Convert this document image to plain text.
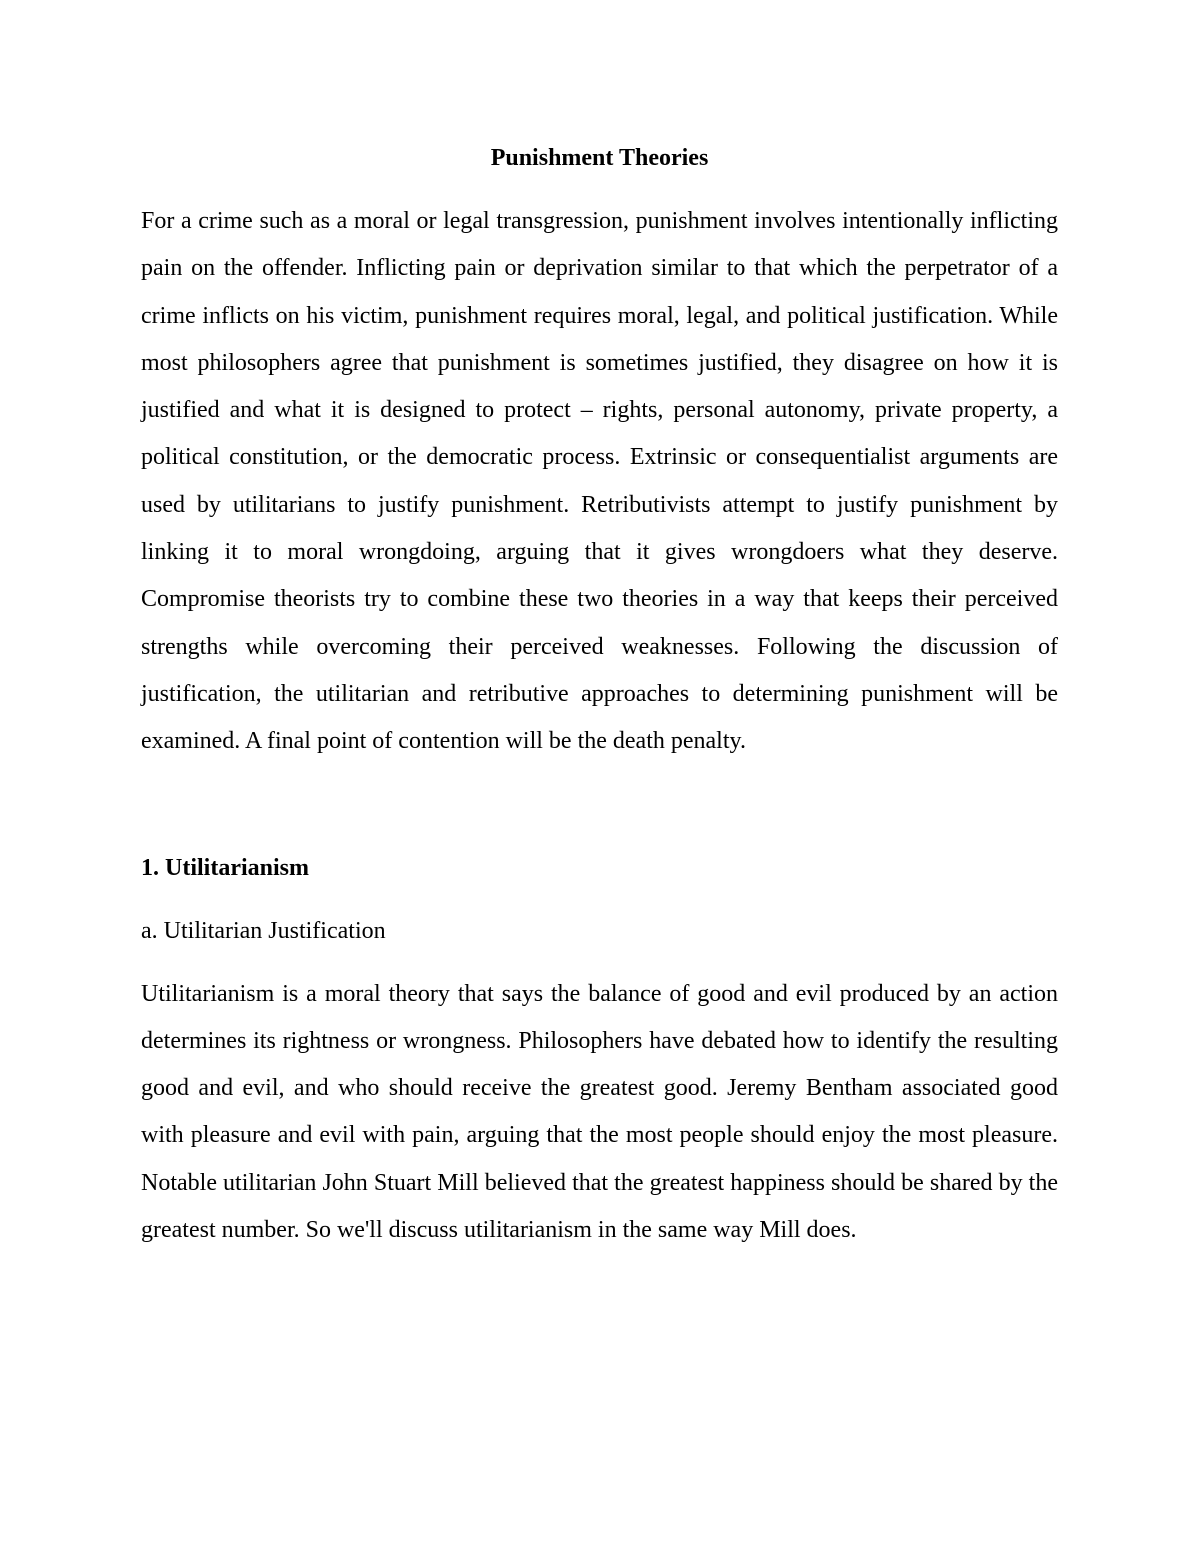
Punishment Theories

For a crime such as a moral or legal transgression, punishment involves intentionally inflicting pain on the offender. Inflicting pain or deprivation similar to that which the perpetrator of a crime inflicts on his victim, punishment requires moral, legal, and political justification. While most philosophers agree that punishment is sometimes justified, they disagree on how it is justified and what it is designed to protect – rights, personal autonomy, private property, a political constitution, or the democratic process. Extrinsic or consequentialist arguments are used by utilitarians to justify punishment. Retributivists attempt to justify punishment by linking it to moral wrongdoing, arguing that it gives wrongdoers what they deserve. Compromise theorists try to combine these two theories in a way that keeps their perceived strengths while overcoming their perceived weaknesses. Following the discussion of justification, the utilitarian and retributive approaches to determining punishment will be examined. A final point of contention will be the death penalty.

1. Utilitarianism

a. Utilitarian Justification

Utilitarianism is a moral theory that says the balance of good and evil produced by an action determines its rightness or wrongness. Philosophers have debated how to identify the resulting good and evil, and who should receive the greatest good. Jeremy Bentham associated good with pleasure and evil with pain, arguing that the most people should enjoy the most pleasure. Notable utilitarian John Stuart Mill believed that the greatest happiness should be shared by the greatest number. So we'll discuss utilitarianism in the same way Mill does.
